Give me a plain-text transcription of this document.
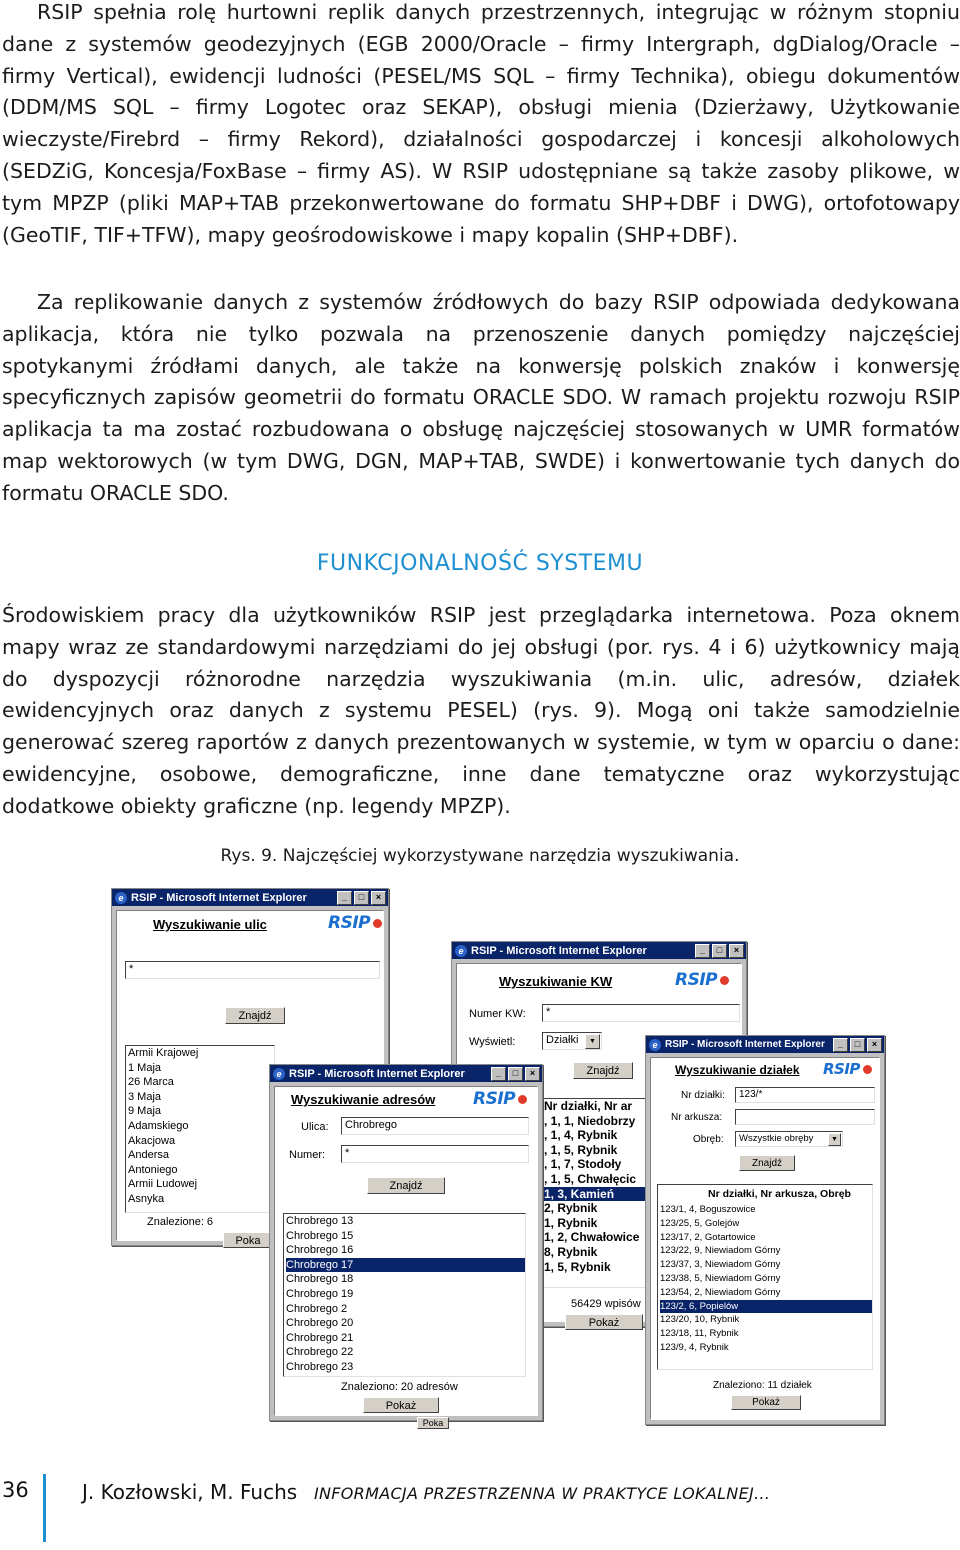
RSIP spełnia rolę hurtowni replik danych przestrzennych, integrując w różnym stopniu dane z systemów geodezyjnych (EGB 2000/Oracle – firmy Intergraph, dgDialog/Oracle – firmy Vertical), ewidencji ludności (PESEL/MS SQL – firmy Technika), obiegu dokumentów (DDM/MS SQL – firmy Logotec oraz SEKAP), obsługi mienia (Dzierżawy, Użytkowanie wieczyste/Firebrd – firmy Rekord), działalności gospodarczej i koncesji alkoholowych (SEDZiG, Koncesja/FoxBase – firmy AS). W RSIP udostępniane są także zasoby plikowe, w tym MPZP (pliki MAP+TAB przekonwertowane do formatu SHP+DBF i DWG), ortofotowapy (GeoTIF, TIF+TFW), mapy geośrodowiskowe i mapy kopalin (SHP+DBF).

Za replikowanie danych z systemów źródłowych do bazy RSIP odpowiada dedykowana aplikacja, która nie tylko pozwala na przenoszenie danych pomiędzy najczęściej spotykanymi źródłami danych, ale także na konwersję polskich znaków i konwersję specyficznych zapisów geometrii do formatu ORACLE SDO. W ramach projektu rozwoju RSIP aplikacja ta ma zostać rozbudowana o obsługę najczęściej stosowanych w UMR formatów map wektorowych (w tym DWG, DGN, MAP+TAB, SWDE) i konwertowanie tych danych do formatu ORACLE SDO.

FUNKCJONALNOŚĆ SYSTEMU

Środowiskiem pracy dla użytkowników RSIP jest przeglądarka internetowa. Poza oknem mapy wraz ze standardowymi narzędziami do jej obsługi (por. rys. 4 i 6) użytkownicy mają do dyspozycji różnorodne narzędzia wyszukiwania (m.in. ulic, adresów, działek ewidencyjnych oraz danych z systemu PESEL) (rys. 9). Mogą oni także samodzielnie generować szereg raportów z danych prezentowanych w systemie, w tym w oparciu o dane: ewidencyjne, osobowe, demograficzne, inne dane tematyczne oraz wykorzystując dodatkowe obiekty graficzne (np. legendy MPZP).

Rys. 9. Najczęściej wykorzystywane narzędzia wyszukiwania.
e RSIP - Microsoft Internet Explorer	_	□	×
Wyszukiwanie ulic	RSIP
*
Znajdź
Armii Krajowej
1 Maja
26 Marca
3 Maja
9 Maja
Adamskiego
Akacjowa
Andersa
Antoniego
Armii Ludowej
Asnyka
Znalezione: 6
Poka
e RSIP - Microsoft Internet Explorer	_	□	×
Wyszukiwanie KW	RSIP
Numer KW:	*
Wyświetl:	Działki	▼
Znajdź
Nr działki, Nr ar
, 1, 1, Niedobrzy
, 1, 4, Rybnik
, 1, 5, Rybnik
, 1, 7, Stodoły
, 1, 5, Chwałęcic
1, 3, Kamień
2, Rybnik
1, Rybnik
1, 2, Chwałowice
8, Rybnik
1, 5, Rybnik
56429 wpisów
Pokaż
e RSIP - Microsoft Internet Explorer	_	□	×
Wyszukiwanie adresów RSIP
Ulica:	Chrobrego
Numer:	*
Znajdź
Chrobrego 13
Chrobrego 15
Chrobrego 16
Chrobrego 17
Chrobrego 18
Chrobrego 19
Chrobrego 2
Chrobrego 20
Chrobrego 21
Chrobrego 22
Chrobrego 23
Znaleziono: 20 adresów
Pokaż
Poka
e RSIP - Microsoft Internet Explorer	_	□	×
Wyszukiwanie działek RSIP
Nr działki:	123/*
Nr arkusza:
Obręb:	Wszystkie obręby	▼
Znajdź
Nr działki, Nr arkusza, Obręb
123/1, 4, Boguszowice
123/25, 5, Golejów
123/17, 2, Gotartowice
123/22, 9, Niewiadom Górny
123/37, 3, Niewiadom Górny
123/38, 5, Niewiadom Górny
123/54, 2, Niewiadom Górny
123/2, 6, Popielów
123/20, 10, Rybnik
123/18, 11, Rybnik
123/9, 4, Rybnik
Znaleziono: 11 działek
Pokaż
36	J. Kozłowski, M. Fuchs INFORMACJA PRZESTRZENNA W PRAKTYCE LOKALNEJ…
